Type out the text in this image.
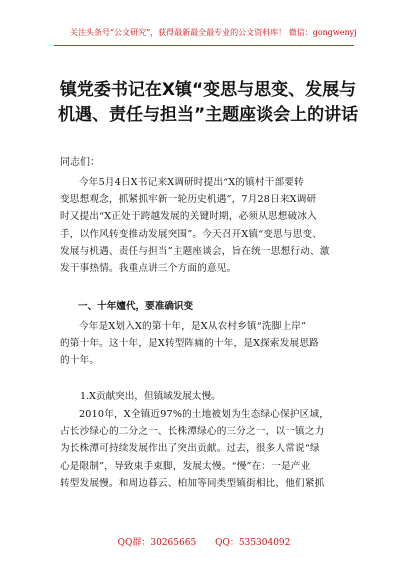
关注头条号“公文研究”，获得最新最全最专业的公文资料库！ 微信：gongwenyj
镇党委书记在X镇“变思与思变、发展与
机遇、责任与担当”主题座谈会上的讲话
同志们：
今年5月4日X书记来X调研时提出“X的镇村干部要转
变思想观念，抓紧抓牢新一轮历史机遇”，7月28日来X调研
时又提出“X正处于跨越发展的关键时期，必须从思想破冰入
手，以作风转变推动发展突围”。今天召开X镇“变思与思变、
发展与机遇、责任与担当”主题座谈会，旨在统一思想行动、激
发干事热情。我重点讲三个方面的意见。
一、十年嬗代，要准确识变
今年是X划入X的第十年，是X从农村乡镇“洗脚上岸”
的第十年。这十年，是X转型阵痛的十年，是X探索发展思路
的十年。
1.X贡献突出，但镇域发展太慢。
2010年，X全镇近97%的土地被划为生态绿心保护区域，
占长沙绿心的二分之一、长株潭绿心的三分之一，以一镇之力
为长株潭可持续发展作出了突出贡献。过去，很多人常说“绿
心是限制”，导致束手束脚，发展太慢。“慢”在：一是产业
转型发展慢。和周边暮云、柏加等同类型镇街相比，他们紧抓
QQ群：30265665 QQ：535304092
